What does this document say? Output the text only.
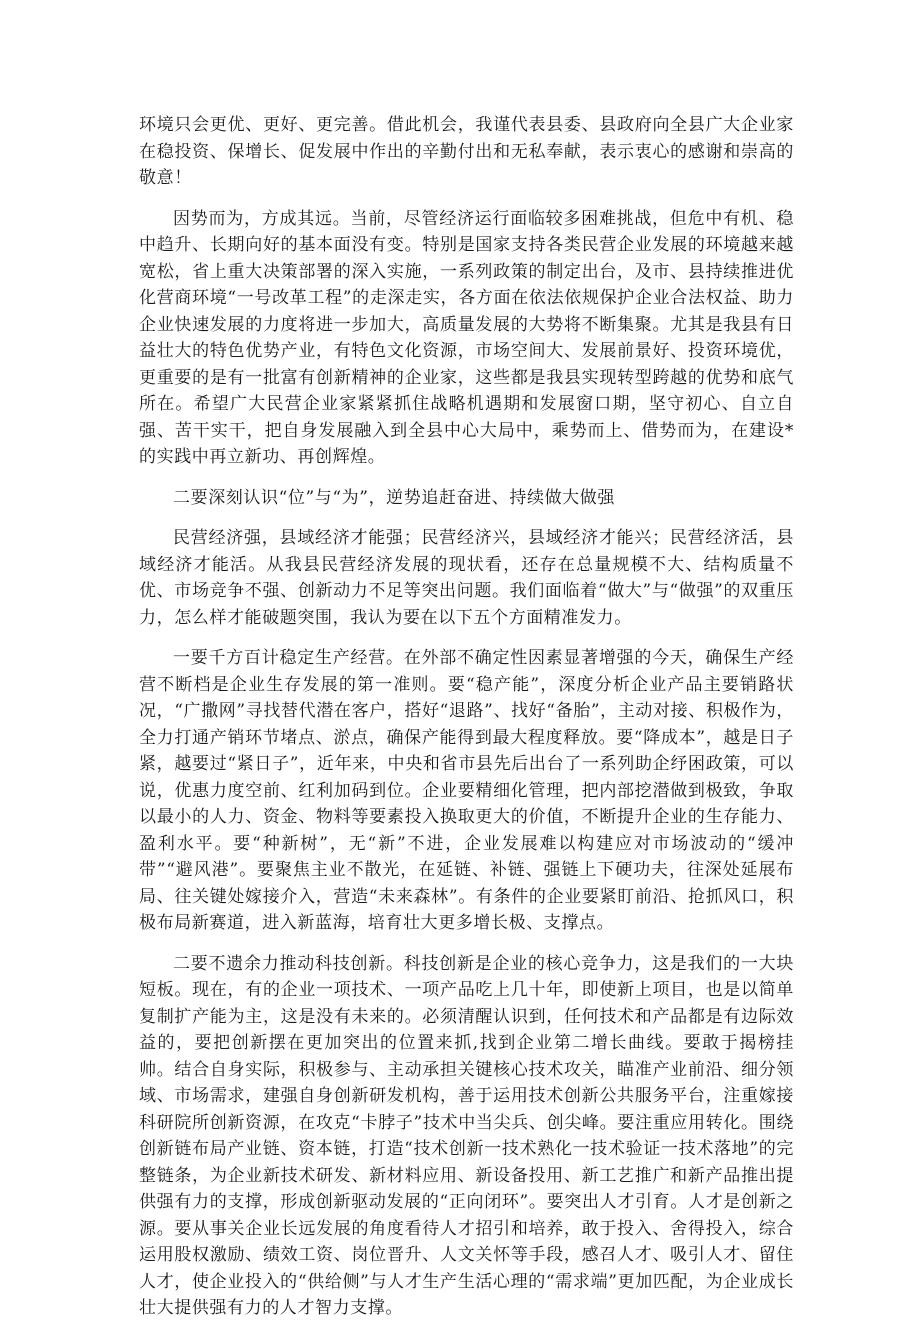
环境只会更优、更好、更完善。借此机会，我谨代表县委、县政府向全县广大企业家在稳投资、保增长、促发展中作出的辛勤付出和无私奉献，表示衷心的感谢和崇高的敬意！

因势而为，方成其远。当前，尽管经济运行面临较多困难挑战，但危中有机、稳中趋升、长期向好的基本面没有变。特别是国家支持各类民营企业发展的环境越来越宽松，省上重大决策部署的深入实施，一系列政策的制定出台，及市、县持续推进优化营商环境“一号改革工程”的走深走实，各方面在依法依规保护企业合法权益、助力企业快速发展的力度将进一步加大，高质量发展的大势将不断集聚。尤其是我县有日益壮大的特色优势产业，有特色文化资源，市场空间大、发展前景好、投资环境优，更重要的是有一批富有创新精神的企业家，这些都是我县实现转型跨越的优势和底气所在。希望广大民营企业家紧紧抓住战略机遇期和发展窗口期，坚守初心、自立自强、苦干实干，把自身发展融入到全县中心大局中，乘势而上、借势而为，在建设*的实践中再立新功、再创辉煌。

二要深刻认识“位”与“为”，逆势追赶奋进、持续做大做强

民营经济强，县域经济才能强；民营经济兴，县域经济才能兴；民营经济活，县域经济才能活。从我县民营经济发展的现状看，还存在总量规模不大、结构质量不优、市场竞争不强、创新动力不足等突出问题。我们面临着“做大”与“做强”的双重压力，怎么样才能破题突围，我认为要在以下五个方面精准发力。

一要千方百计稳定生产经营。在外部不确定性因素显著增强的今天，确保生产经营不断档是企业生存发展的第一准则。要“稳产能”，深度分析企业产品主要销路状况，“广撒网”寻找替代潜在客户，搭好“退路”、找好“备胎”，主动对接、积极作为，全力打通产销环节堵点、淤点，确保产能得到最大程度释放。要“降成本”，越是日子紧，越要过“紧日子”，近年来，中央和省市县先后出台了一系列助企纾困政策，可以说，优惠力度空前、红利加码到位。企业要精细化管理，把内部挖潜做到极致，争取以最小的人力、资金、物料等要素投入换取更大的价值，不断提升企业的生存能力、盈利水平。要“种新树”，无“新”不进，企业发展难以构建应对市场波动的“缓冲带”“避风港”。要聚焦主业不散光，在延链、补链、强链上下硬功夫，往深处延展布局、往关键处嫁接介入，营造“未来森林”。有条件的企业要紧盯前沿、抢抓风口，积极布局新赛道，进入新蓝海，培育壮大更多增长极、支撑点。

二要不遗余力推动科技创新。科技创新是企业的核心竞争力，这是我们的一大块短板。现在，有的企业一项技术、一项产品吃上几十年，即使新上项目，也是以简单复制扩产能为主，这是没有未来的。必须清醒认识到，任何技术和产品都是有边际效益的，要把创新摆在更加突出的位置来抓,找到企业第二增长曲线。要敢于揭榜挂帅。结合自身实际，积极参与、主动承担关键核心技术攻关，瞄准产业前沿、细分领域、市场需求，建强自身创新研发机构，善于运用技术创新公共服务平台，注重嫁接科研院所创新资源，在攻克“卡脖子”技术中当尖兵、创尖峰。要注重应用转化。围绕创新链布局产业链、资本链，打造“技术创新一技术熟化一技术验证一技术落地”的完整链条，为企业新技术研发、新材料应用、新设备投用、新工艺推广和新产品推出提供强有力的支撑，形成创新驱动发展的“正向闭环”。要突出人才引育。人才是创新之源。要从事关企业长远发展的角度看待人才招引和培养，敢于投入、舍得投入，综合运用股权激励、绩效工资、岗位晋升、人文关怀等手段，感召人才、吸引人才、留住人才，使企业投入的“供给侧”与人才生产生活心理的“需求端”更加匹配，为企业成长壮大提供强有力的人才智力支撑。
